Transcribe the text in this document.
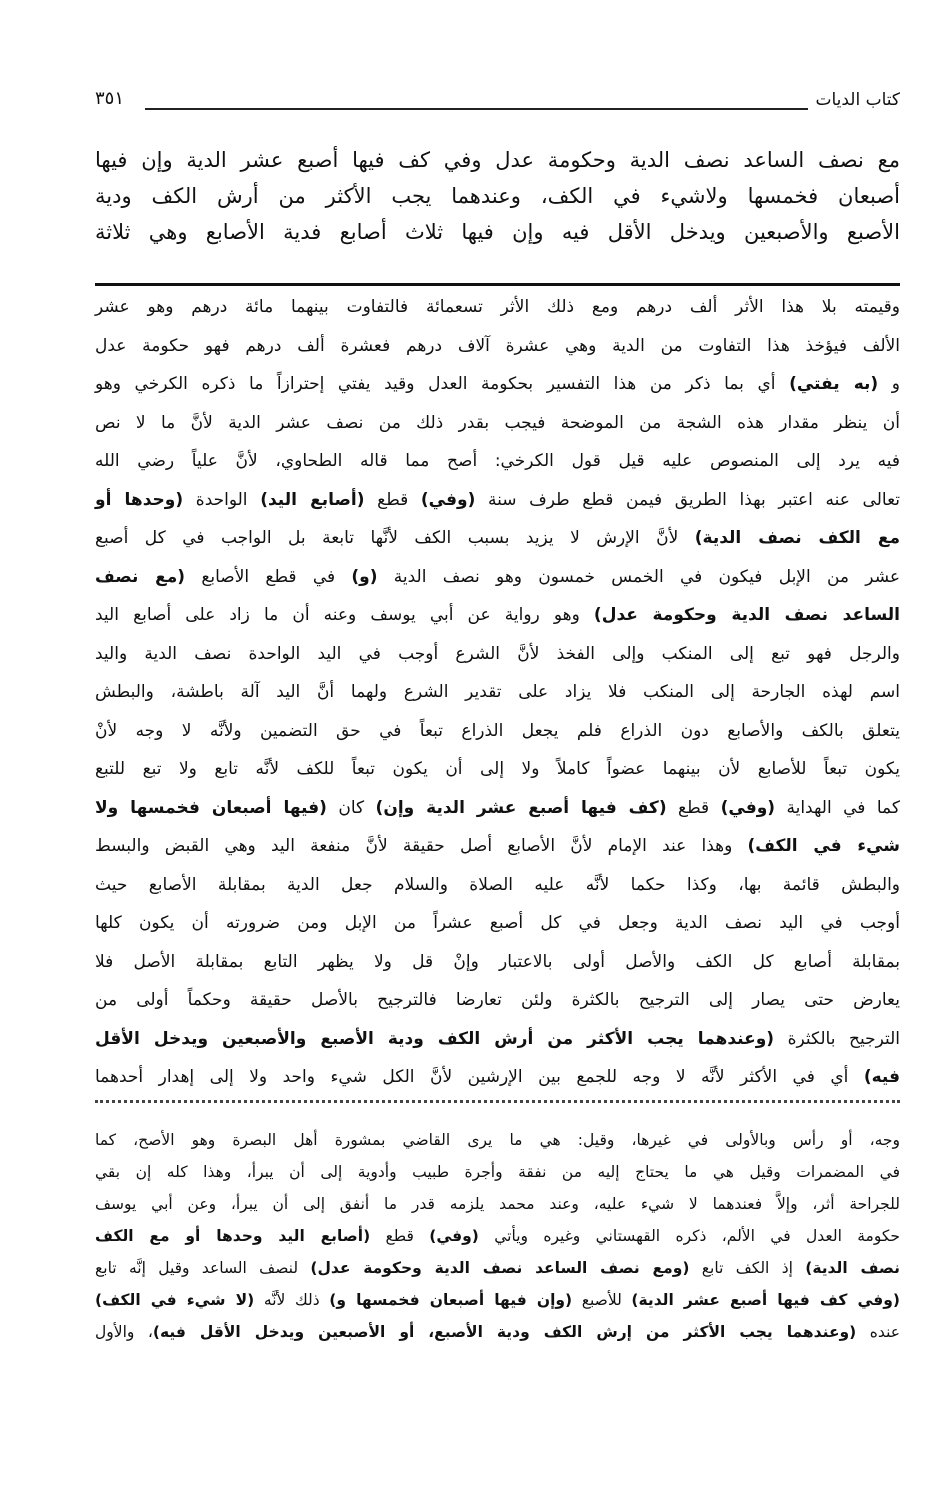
كتاب الديات
٣٥١
مع نصف الساعد نصف الدية وحكومة عدل وفي كف فيها أصبع عشر الدية وإن فيها
أصبعان فخمسها ولاشيء في الكف، وعندهما يجب الأكثر من أرش الكف ودية
الأصبع والأصبعين ويدخل الأقل فيه وإن فيها ثلاث أصابع فدية الأصابع وهي ثلاثة
وقيمته بلا هذا الأثر ألف درهم ومع ذلك الأثر تسعمائة فالتفاوت بينهما مائة درهم وهو عشر
الألف فيؤخذ هذا التفاوت من الدية وهي عشرة آلاف درهم فعشرة ألف درهم فهو حكومة عدل
و (به يفتي) أي بما ذكر من هذا التفسير بحكومة العدل وقيد يفتي إحترازاً ما ذكره الكرخي وهو
أن ينظر مقدار هذه الشجة من الموضحة فيجب بقدر ذلك من نصف عشر الدية لأنَّ ما لا نص
فيه يرد إلى المنصوص عليه قيل قول الكرخي: أصح مما قاله الطحاوي، لأنَّ علياً رضي الله
تعالى عنه اعتبر بهذا الطريق فيمن قطع طرف سنة (وفي) قطع (أصابع اليد) الواحدة (وحدها أو
مع الكف نصف الدية) لأنَّ الإرش لا يزيد بسبب الكف لأنَّها تابعة بل الواجب في كل أصبع
عشر من الإبل فيكون في الخمس خمسون وهو نصف الدية (و) في قطع الأصابع (مع نصف
الساعد نصف الدية وحكومة عدل) وهو رواية عن أبي يوسف وعنه أن ما زاد على أصابع اليد
والرجل فهو تبع إلى المنكب وإلى الفخذ لأنَّ الشرع أوجب في اليد الواحدة نصف الدية واليد
اسم لهذه الجارحة إلى المنكب فلا يزاد على تقدير الشرع ولهما أنَّ اليد آلة باطشة، والبطش
يتعلق بالكف والأصابع دون الذراع فلم يجعل الذراع تبعاً في حق التضمين ولأنَّه لا وجه لأنْ
يكون تبعاً للأصابع لأن بينهما عضواً كاملاً ولا إلى أن يكون تبعاً للكف لأنَّه تابع ولا تبع للتبع
كما في الهداية (وفي) قطع (كف فيها أصبع عشر الدية وإن) كان (فيها أصبعان فخمسها ولا
شيء في الكف) وهذا عند الإمام لأنَّ الأصابع أصل حقيقة لأنَّ منفعة اليد وهي القبض والبسط
والبطش قائمة بها، وكذا حكما لأنَّه عليه الصلاة والسلام جعل الدية بمقابلة الأصابع حيث
أوجب في اليد نصف الدية وجعل في كل أصبع عشراً من الإبل ومن ضرورته أن يكون كلها
بمقابلة أصابع كل الكف والأصل أولى بالاعتبار وإنْ قل ولا يظهر التابع بمقابلة الأصل فلا
يعارض حتى يصار إلى الترجيح بالكثرة ولئن تعارضا فالترجيح بالأصل حقيقة وحكماً أولى من
الترجيح بالكثرة (وعندهما يجب الأكثر من أرش الكف ودية الأصبع والأصبعين ويدخل الأقل
فيه) أي في الأكثر لأنَّه لا وجه للجمع بين الإرشين لأنَّ الكل شيء واحد ولا إلى إهدار أحدهما
وجه، أو رأس وبالأولى في غيرها، وقيل: هي ما يرى القاضي بمشورة أهل البصرة وهو الأصح، كما
في المضمرات وقيل هي ما يحتاج إليه من نفقة وأجرة طبيب وأدوية إلى أن يبرأ، وهذا كله إن بقي
للجراحة أثر، وإلاَّ فعندهما لا شيء عليه، وعند محمد يلزمه قدر ما أنفق إلى أن يبرأ، وعن أبي يوسف
حكومة العدل في الألم، ذكره القهستاني وغيره ويأتي (وفي) قطع (أصابع اليد وحدها أو مع الكف
نصف الدية) إذ الكف تابع (ومع نصف الساعد نصف الدية وحكومة عدل) لنصف الساعد وقيل إنَّه تابع
(وفي كف فيها أصبع عشر الدية) للأصبع (وإن فيها أصبعان فخمسها و) ذلك لأنَّه (لا شيء في الكف)
عنده (وعندهما يجب الأكثر من إرش الكف ودية الأصبع، أو الأصبعين ويدخل الأقل فيه)، والأول
